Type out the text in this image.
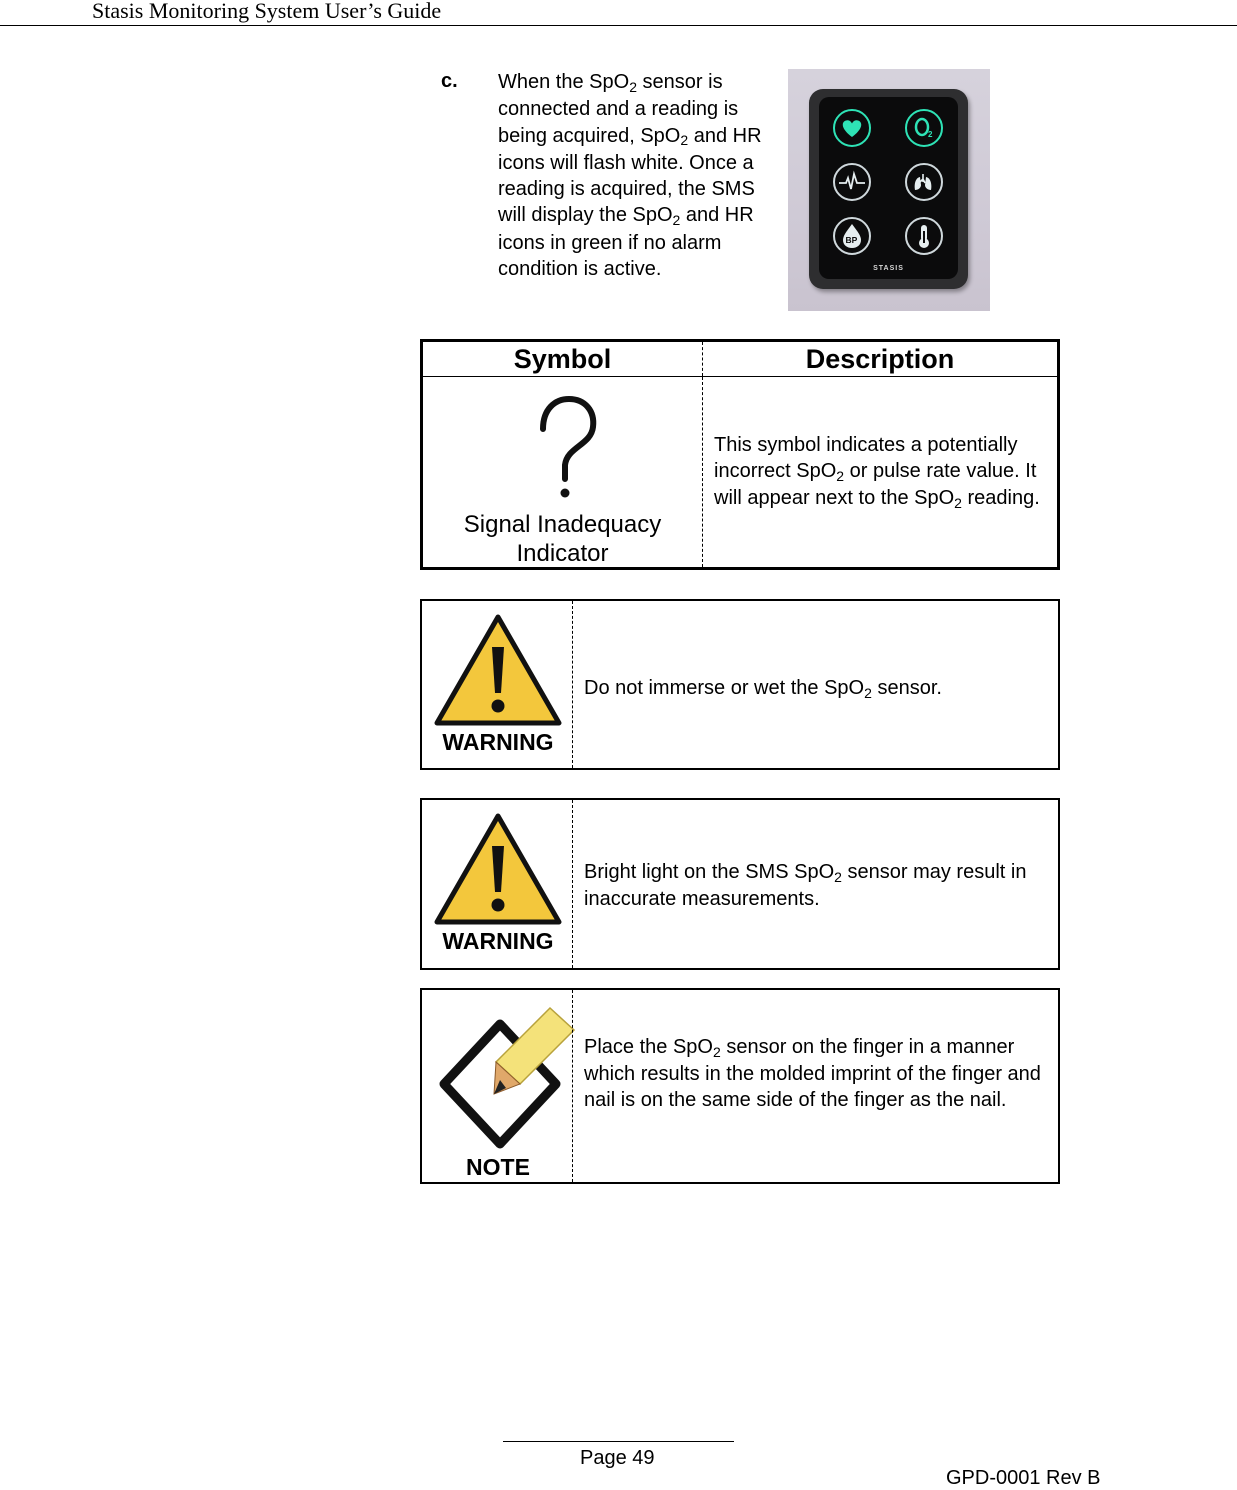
Stasis Monitoring System User’s Guide
c. When the SpO$_2$ sensor is connected and a reading is being acquired, SpO$_2$ and HR icons will flash white. Once a reading is acquired, the SMS will display the SpO$_2$ and HR icons in green if no alarm condition is active.
2
BP
STASIS
Symbol	Description

Signal Inadequacy
Indicator	This symbol indicates a potentially incorrect SpO$_2$ or pulse rate value. It will appear next to the SpO$_2$ reading.
WARNING
Do not immerse or wet the SpO$_2$ sensor.
WARNING
Bright light on the SMS SpO$_2$ sensor may result in inaccurate measurements.
NOTE
Place the SpO$_2$ sensor on the finger in a manner which results in the molded imprint of the finger and nail is on the same side of the finger as the nail.
Page 49
GPD-0001 Rev B
